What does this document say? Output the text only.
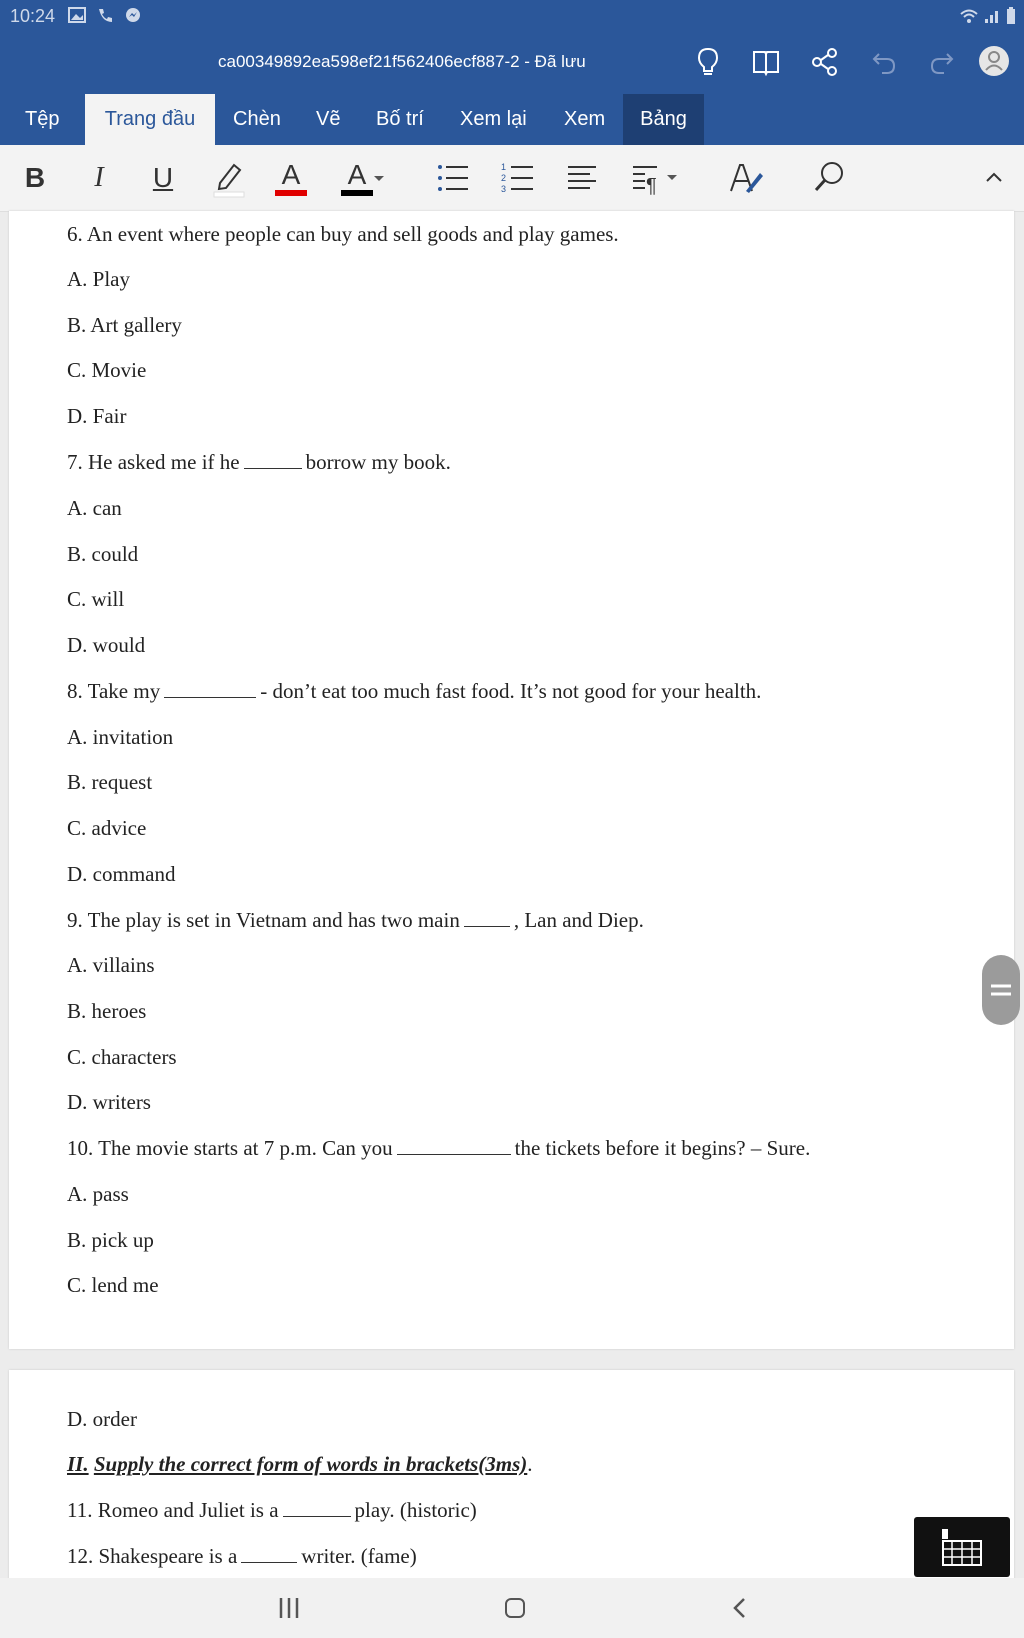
10:24
ca00349892ea598ef21f562406ecf887-2 - Đã lưu
Tệp	Trang đầu	Chèn Vẽ Bố trí Xem lại Xem	Bảng
B	I	U	A A	1
2
3	¶
6. An event where people can buy and sell goods and play games.
A. Play
B. Art gallery
C. Movie
D. Fair
7. He asked me if he	borrow my book.
A. can
B. could
C. will
D. would
8. Take my	- don’t eat too much fast food. It’s not good for your health.
A. invitation
B. request
C. advice
D. command
9. The play is set in Vietnam and has two main	, Lan and Diep.
A. villains
B. heroes
C. characters
D. writers
10. The movie starts at 7 p.m. Can you	the tickets before it begins? – Sure.
A. pass
B. pick up
C. lend me
D. order
II. Supply the correct form of words in brackets(3ms).
11. Romeo and Juliet is a	play. (historic)
12. Shakespeare is a	writer. (fame)
